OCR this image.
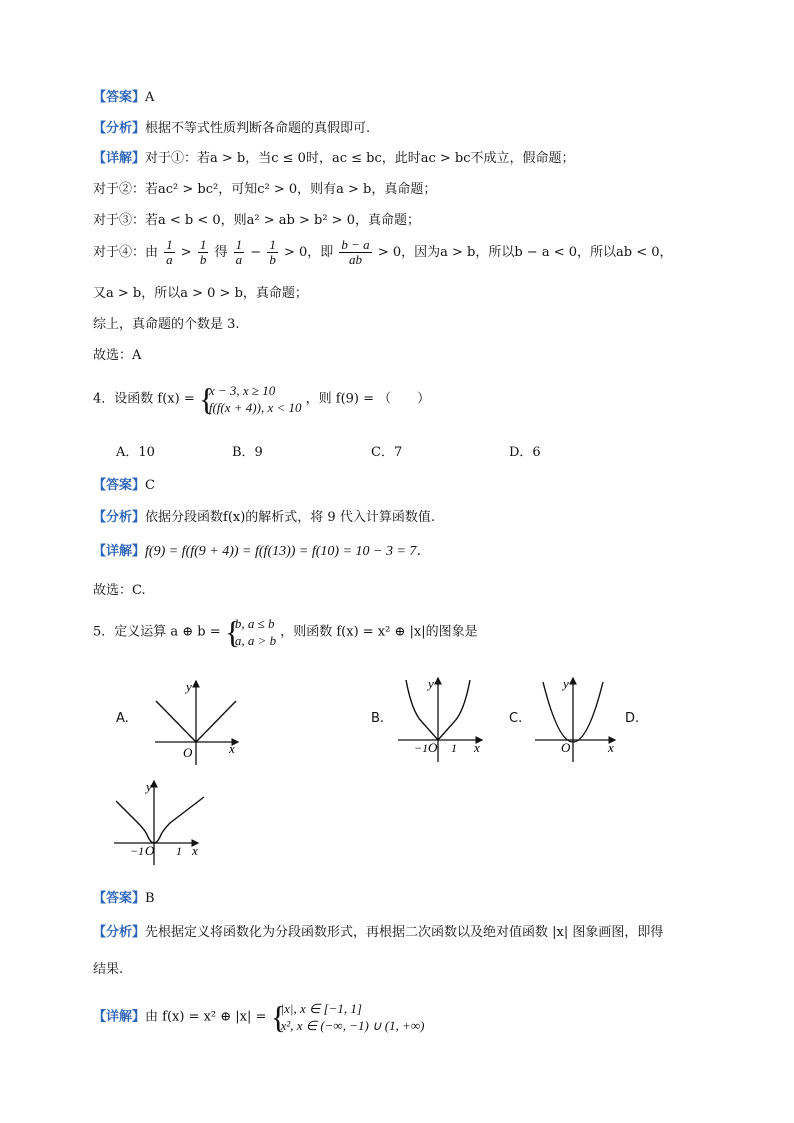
【答案】A
【分析】根据不等式性质判断各命题的真假即可.
【详解】对于①：若a > b，当c ≤ 0时，ac ≤ bc，此时ac > bc不成立，假命题；
对于②：若ac² > bc²，可知c² > 0，则有a > b，真命题；
对于③：若a < b < 0，则a² > ab > b² > 0，真命题；
对于④：由 $\frac{1}{a} > \frac{1}{b}$ 得 $\frac{1}{a} - \frac{1}{b} > 0$，即 $\frac{b - a}{ab} > 0$，因为a > b，所以b − a < 0，所以ab < 0，
又a > b，所以a > 0 > b，真命题；
综上，真命题的个数是 3.
故选：A
4．设函数 f(x) = {
x − 3, x ≥ 10
f(f(x + 4)), x < 10
，则 f(9) = （　　）
A．10	B．9	C．7	D．6
【答案】C
【分析】依据分段函数f(x)的解析式，将 9 代入计算函数值.
【详解】f(9) = f(f(9 + 4)) = f(f(13)) = f(10) = 10 − 3 = 7．
故选：C.
5．定义运算 a ⊕ b = {
b, a ≤ b
a, a > b
，则函数 f(x) = x² ⊕ |x|的图象是
A.
O	x
y
B.
−1 O 1 x
y
C.
O	x
y
D.
−1 O 1 x
y
【答案】B
【分析】先根据定义将函数化为分段函数形式，再根据二次函数以及绝对值函数 |x| 图象画图，即得
结果.
【详解】由 f(x) = x² ⊕ |x| = {
|x|, x ∈ [−1, 1]
x², x ∈ (−∞, −1) ∪ (1, +∞)
